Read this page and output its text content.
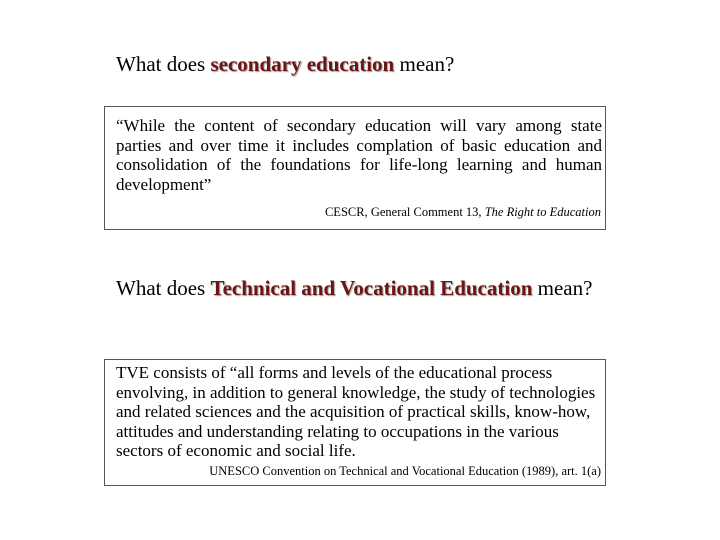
What does secondary education mean?
“While the content of secondary education will vary among state parties and over time it includes complation of basic education and consolidation of the foundations for life-long learning and human development”
CESCR, General Comment 13, The Right to Education
What does Technical and Vocational Education mean?
TVE consists of “all forms and levels of the educational process envolving, in addition to general knowledge, the study of technologies and related sciences and the acquisition of practical skills, know-how, attitudes and understanding relating to occupations in the various sectors of economic and social life.
UNESCO Convention on Technical and Vocational Education (1989), art. 1(a)
